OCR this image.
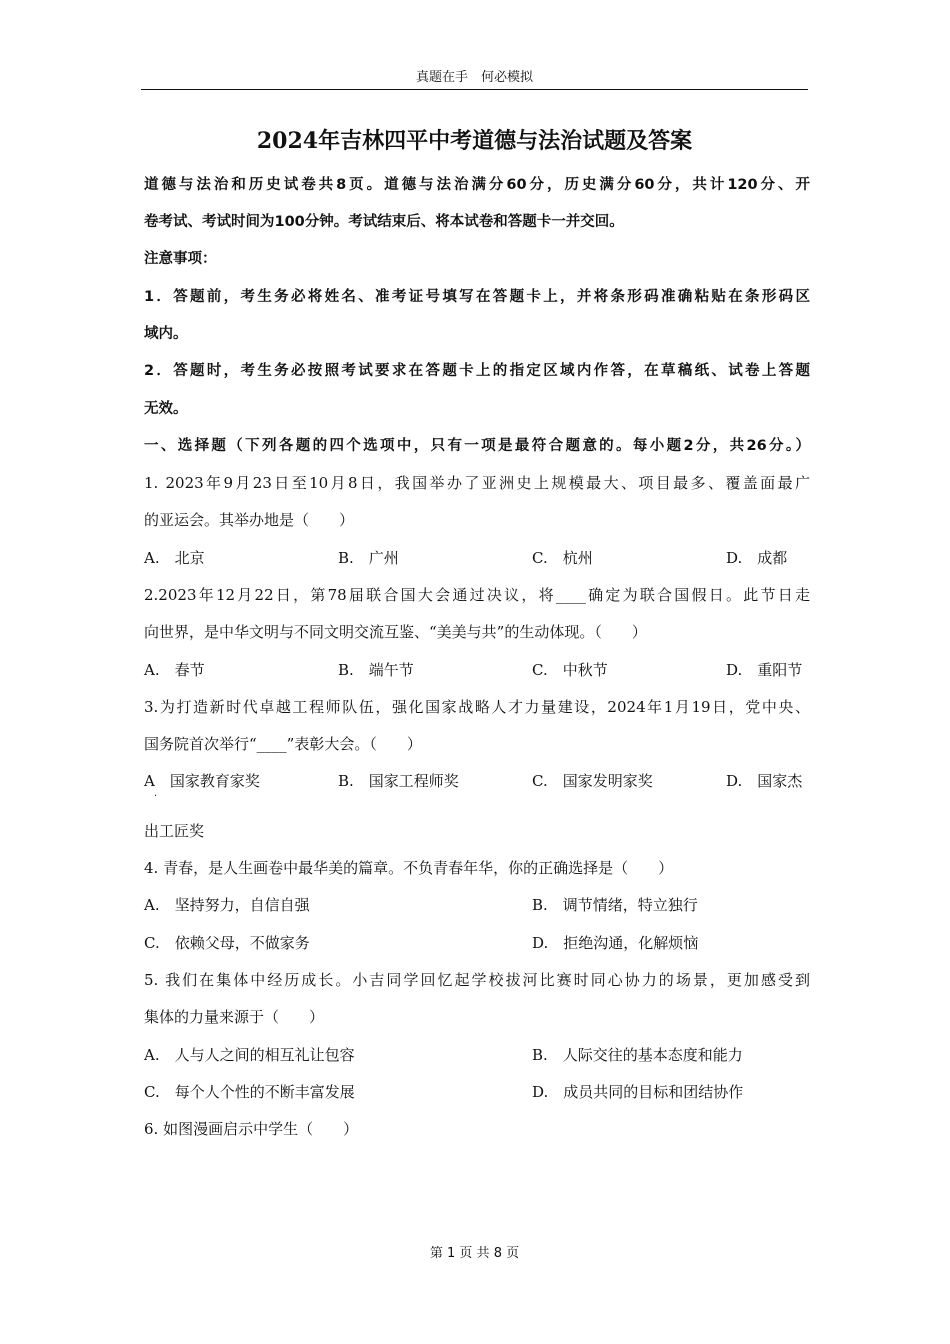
真题在手　何必模拟
2024年吉林四平中考道德与法治试题及答案
道德与法治和历史试卷共8页。道德与法治满分60分，历史满分60分，共计120分、开
卷考试、考试时间为100分钟。考试结束后、将本试卷和答题卡一并交回。
注意事项：
1．答题前，考生务必将姓名、准考证号填写在答题卡上，并将条形码准确粘贴在条形码区
域内。
2．答题时，考生务必按照考试要求在答题卡上的指定区域内作答，在草稿纸、试卷上答题
无效。
一、选择题（下列各题的四个选项中，只有一项是最符合题意的。每小题2分，共26分。）
1. 2023年9月23日至10月8日，我国举办了亚洲史上规模最大、项目最多、覆盖面最广
的亚运会。其举办地是（　　）
A.　北京	B.　广州	C.　杭州	D.　成都
2.2023年12月22日，第78届联合国大会通过决议，将____确定为联合国假日。此节日走
向世界，是中华文明与不同文明交流互鉴、“美美与共”的生动体现。（　　）
A.　春节	B.　端午节	C.　中秋节	D.　重阳节
3.为打造新时代卓越工程师队伍，强化国家战略人才力量建设，2024年1月19日，党中央、
国务院首次举行“____”表彰大会。（　　）
A　国家教育家奖	B.　国家工程师奖	C.　国家发明家奖	D.　国家杰
·
出工匠奖
4. 青春，是人生画卷中最华美的篇章。不负青春年华，你的正确选择是（　　）
A.　坚持努力，自信自强	B.　调节情绪，特立独行
C.　依赖父母，不做家务	D.　拒绝沟通，化解烦恼
5. 我们在集体中经历成长。小吉同学回忆起学校拔河比赛时同心协力的场景，更加感受到
集体的力量来源于（　　）
A.　人与人之间的相互礼让包容	B.　人际交往的基本态度和能力
C.　每个人个性的不断丰富发展	D.　成员共同的目标和团结协作
6. 如图漫画启示中学生（　　）
第 1 页 共 8 页
